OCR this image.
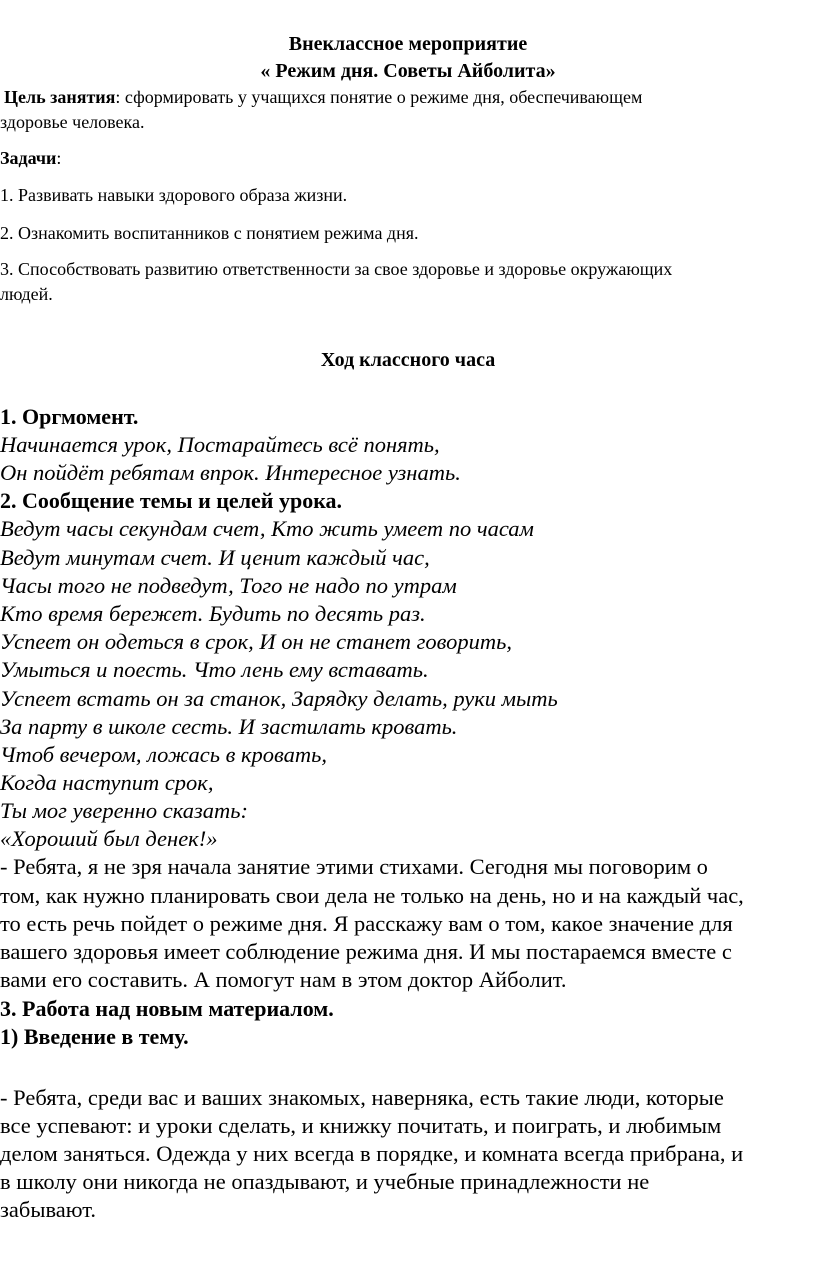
Внеклассное мероприятие
« Режим дня. Советы Айболита»
Цель занятия: сформировать у учащихся понятие о режиме дня, обеспечивающем
здоровье человека.
Задачи:
1. Развивать навыки здорового образа жизни.
2. Ознакомить воспитанников с понятием режима дня.
3. Способствовать развитию ответственности за свое здоровье и здоровье окружающих
людей.
Ход классного часа
1. Оргмомент.
Начинается урок, Постарайтесь всё понять,
Он пойдёт ребятам впрок. Интересное узнать.
2. Сообщение темы и целей урока.
Ведут часы секундам счет, Кто жить умеет по часам
Ведут минутам счет. И ценит каждый час,
Часы того не подведут, Того не надо по утрам
Кто время бережет. Будить по десять раз.
Успеет он одеться в срок, И он не станет говорить,
Умыться и поесть. Что лень ему вставать.
Успеет встать он за станок, Зарядку делать, руки мыть
За парту в школе сесть. И застилать кровать.
Чтоб вечером, ложась в кровать,
Когда наступит срок,
Ты мог уверенно сказать:
«Хороший был денек!»
- Ребята, я не зря начала занятие этими стихами. Сегодня мы поговорим о
том, как нужно планировать свои дела не только на день, но и на каждый час,
то есть речь пойдет о режиме дня. Я расскажу вам о том, какое значение для
вашего здоровья имеет соблюдение режима дня. И мы постараемся вместе с
вами его составить. А помогут нам в этом доктор Айболит.
3. Работа над новым материалом.
1) Введение в тему.
- Ребята, среди вас и ваших знакомых, наверняка, есть такие люди, которые
все успевают: и уроки сделать, и книжку почитать, и поиграть, и любимым
делом заняться. Одежда у них всегда в порядке, и комната всегда прибрана, и
в школу они никогда не опаздывают, и учебные принадлежности не
забывают.
